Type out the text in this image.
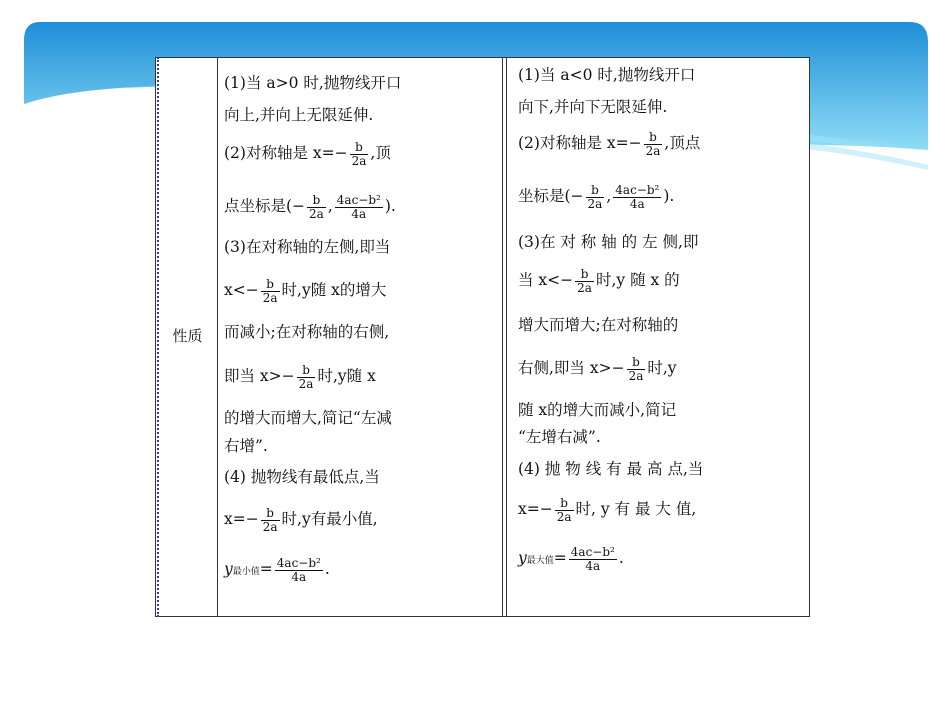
性质
(1)当 a>0 时,抛物线开口
向上,并向上无限延伸.
(2)对称轴是 $x=- \frac{b}{2a}$ ,顶
点坐标是(− $\frac{b}{2a}$ , $\frac{\text{4ac−b²}}{4a}$ ).
(3)在对称轴的左侧,即当
$x<- \frac{b}{2a}$ 时,y随 x的增大
而减小;在对称轴的右侧,
即当 $x>- \frac{b}{2a}$ 时,y随 x
的增大而增大,简记“左减
右增”.
(4) 抛物线有最低点,当
$x=- \frac{b}{2a}$ 时,y有最小值,
y最小值= $\frac{\text{4ac−b²}}{4a}$ .
(1)当 a<0 时,抛物线开口
向下,并向下无限延伸.
(2)对称轴是 $x=- \frac{b}{2a}$ ,顶点
坐标是(− $\frac{b}{2a}$ , $\frac{\text{4ac−b²}}{4a}$ ).
(3)在 对 称 轴 的 左 侧,即
当 $x<- \frac{b}{2a}$ 时,y 随 x 的
增大而增大;在对称轴的
右侧,即当 $x>- \frac{b}{2a}$ 时,y
随 x的增大而减小,简记
“左增右减”.
(4) 抛 物 线 有 最 高 点,当
$x=- \frac{b}{2a}$ 时, y 有 最 大 值,
y最大值= $\frac{\text{4ac−b²}}{4a}$ .
